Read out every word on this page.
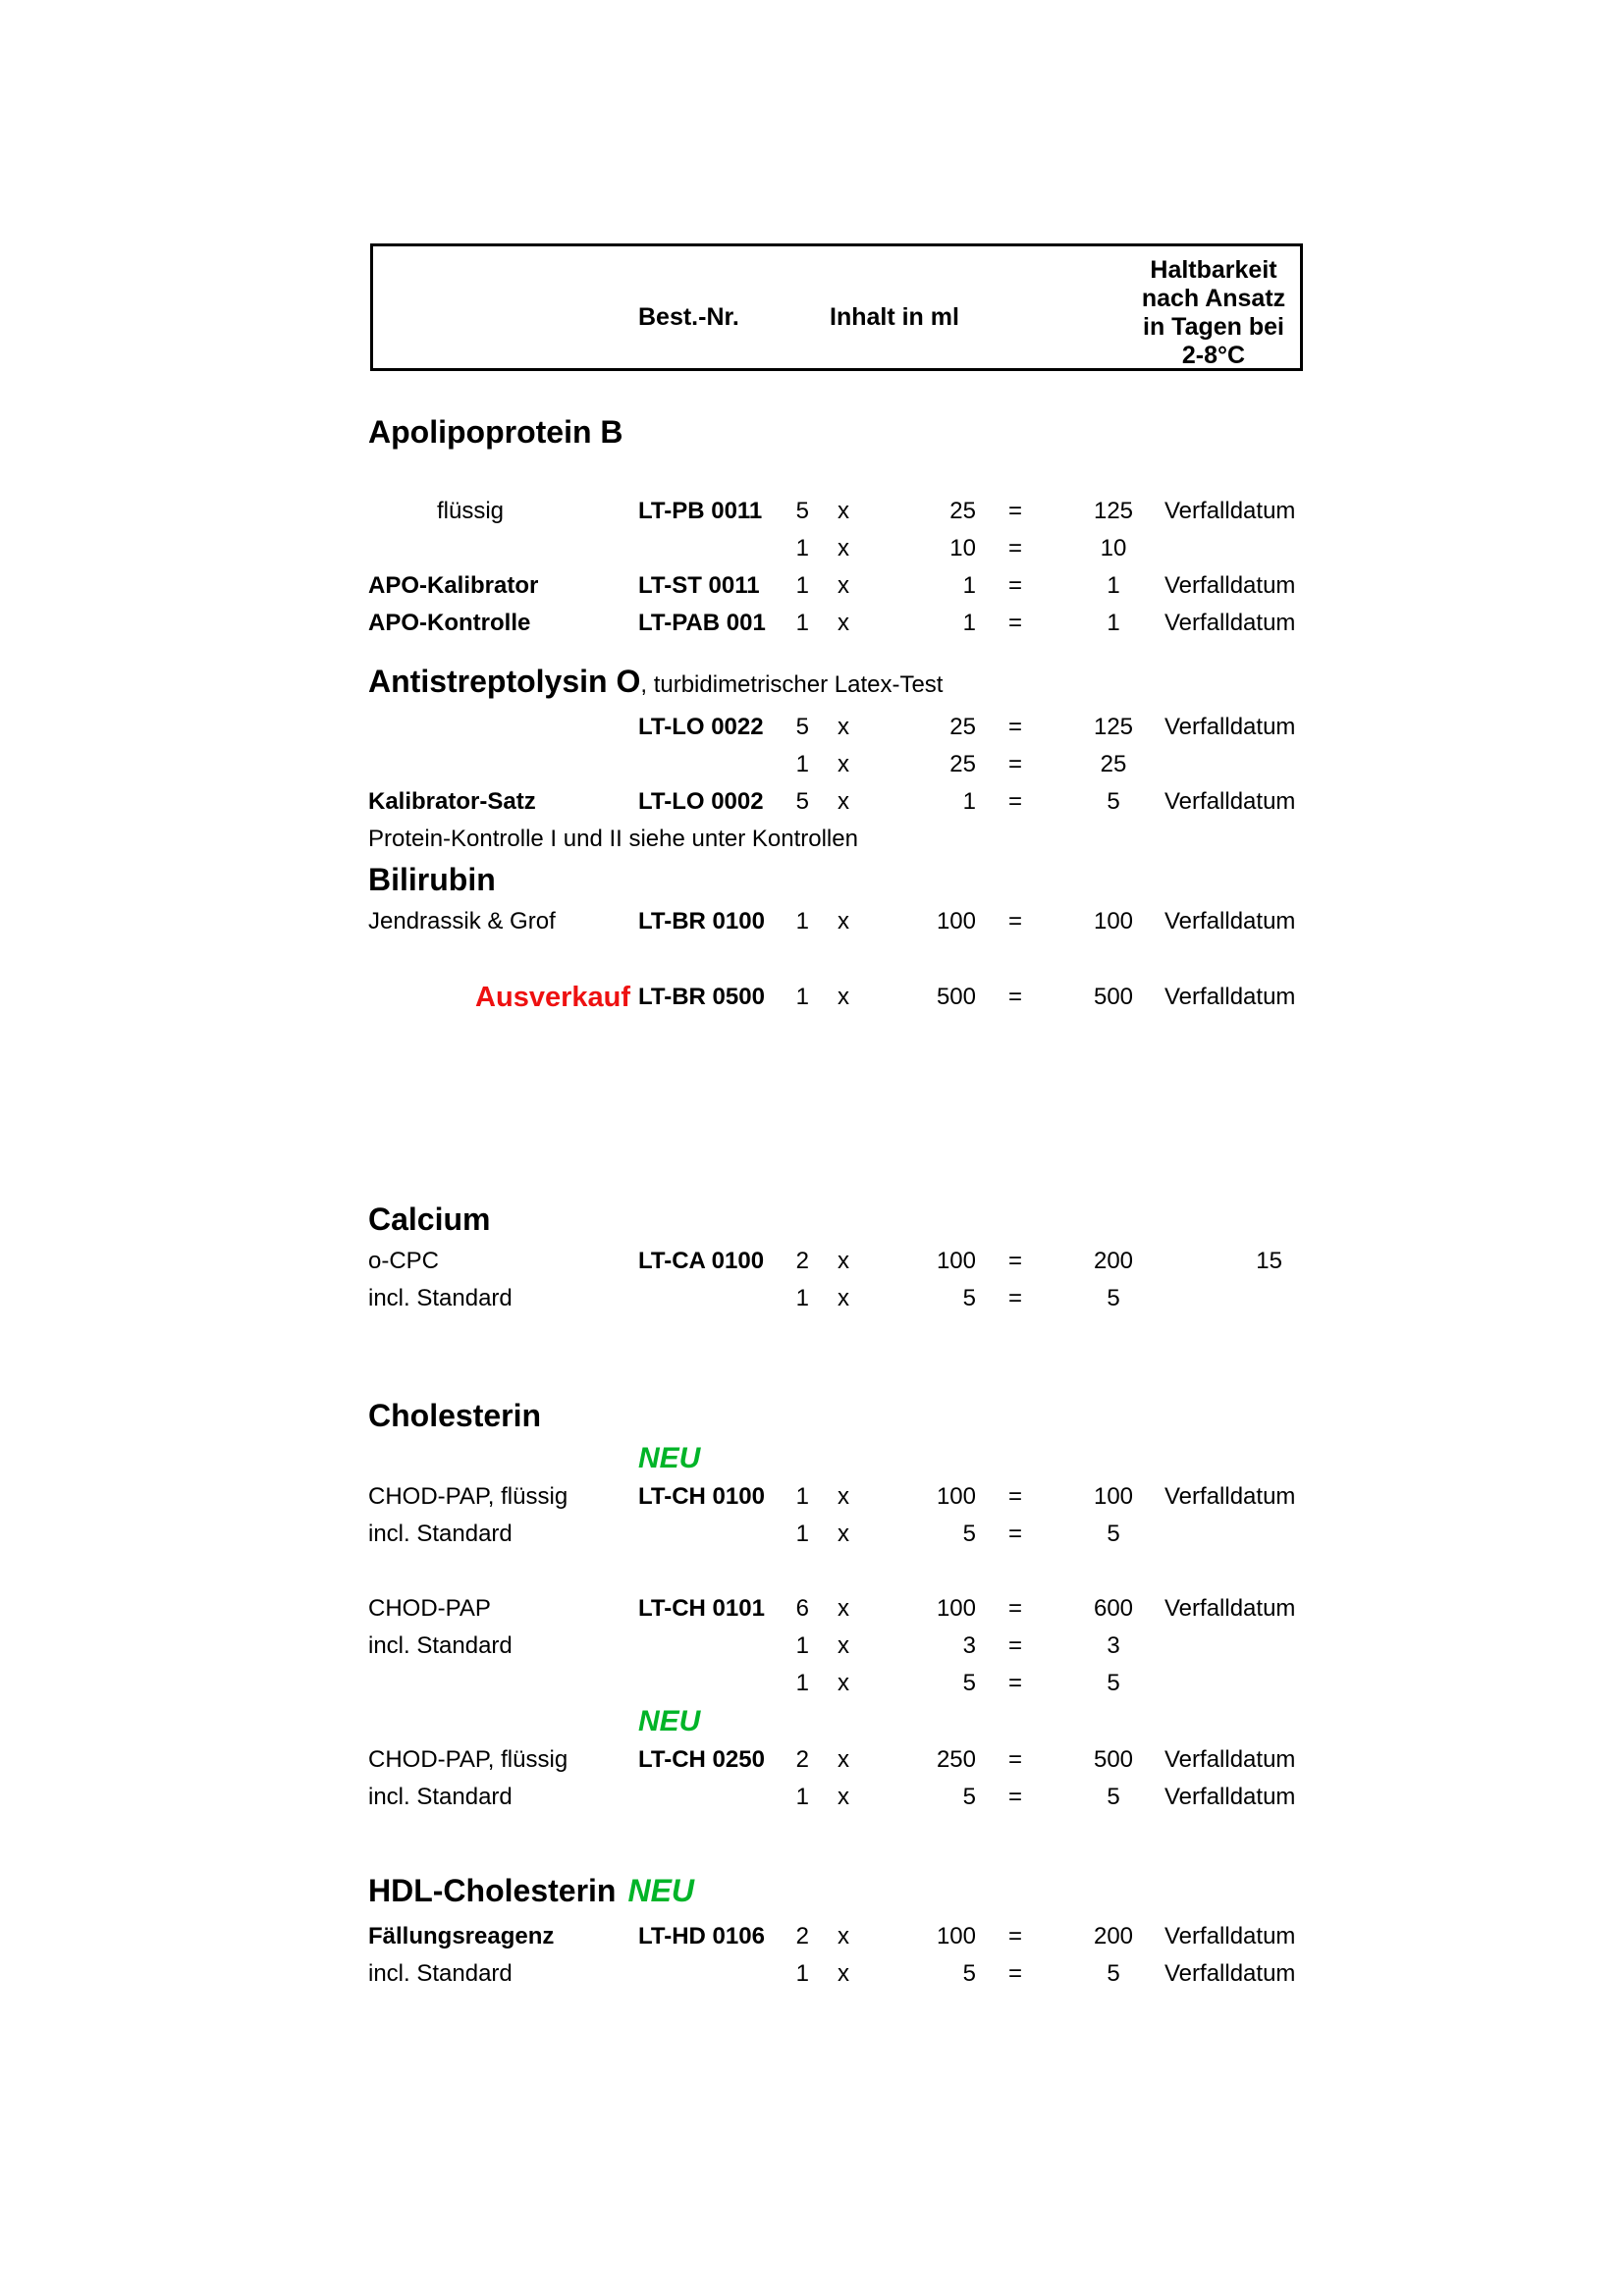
Best.-Nr.	Inhalt in ml
Haltbarkeit
nach Ansatz
in Tagen bei
2-8°C
Apolipoprotein B
flüssig	LT-PB 0011	5	x	25	=	125	Verfalldatum
1	x	10	=	10
APO-Kalibrator	LT-ST 0011	1	x	1	=	1	Verfalldatum
APO-Kontrolle	LT-PAB 001	1	x	1	=	1	Verfalldatum
Antistreptolysin O, turbidimetrischer Latex-Test
LT-LO 0022	5	x	25	=	125	Verfalldatum
1	x	25	=	25
Kalibrator-Satz	LT-LO 0002	5	x	1	=	5	Verfalldatum
Protein-Kontrolle I und II siehe unter Kontrollen
Bilirubin
Jendrassik & Grof	LT-BR 0100	1	x	100	=	100	Verfalldatum
Ausverkauf LT-BR 0500	1	x	500	=	500	Verfalldatum
Calcium
o-CPC	LT-CA 0100	2	x	100	=	200	15
incl. Standard	1	x	5	=	5
Cholesterin
NEU
CHOD-PAP, flüssig	LT-CH 0100	1	x	100	=	100	Verfalldatum
incl. Standard	1	x	5	=	5
CHOD-PAP	LT-CH 0101	6	x	100	=	600	Verfalldatum
incl. Standard	1	x	3	=	3
1	x	5	=	5
NEU
CHOD-PAP, flüssig	LT-CH 0250	2	x	250	=	500	Verfalldatum
incl. Standard	1	x	5	=	5	Verfalldatum
HDL-Cholesterin NEU
Fällungsreagenz	LT-HD 0106	2	x	100	=	200	Verfalldatum
incl. Standard	1	x	5	=	5	Verfalldatum
